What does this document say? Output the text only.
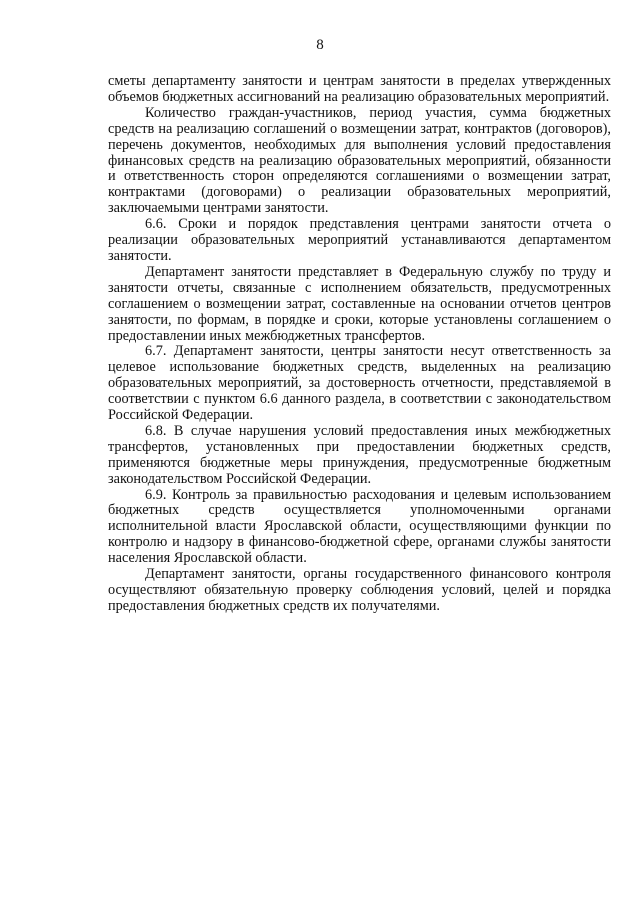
8

сметы департаменту занятости и центрам занятости в пределах утвержденных объемов бюджетных ассигнований на реализацию образовательных мероприятий.

Количество граждан-участников, период участия, сумма бюджетных средств на реализацию соглашений о возмещении затрат, контрактов (договоров), перечень документов, необходимых для выполнения условий предоставления финансовых средств на реализацию образовательных мероприятий, обязанности и ответственность сторон определяются соглашениями о возмещении затрат, контрактами (договорами) о реализации образовательных мероприятий, заключаемыми центрами занятости.

6.6. Сроки и порядок представления центрами занятости отчета о реализации образовательных мероприятий устанавливаются департаментом занятости.

Департамент занятости представляет в Федеральную службу по труду и занятости отчеты, связанные с исполнением обязательств, предусмотренных соглашением о возмещении затрат, составленные на основании отчетов центров занятости, по формам, в порядке и сроки, которые установлены соглашением о предоставлении иных межбюджетных трансфертов.

6.7. Департамент занятости, центры занятости несут ответственность за целевое использование бюджетных средств, выделенных на реализацию образовательных мероприятий, за достоверность отчетности, представляемой в соответствии с пунктом 6.6 данного раздела, в соответствии с законодательством Российской Федерации.

6.8. В случае нарушения условий предоставления иных межбюджетных трансфертов, установленных при предоставлении бюджетных средств, применяются бюджетные меры принуждения, предусмотренные бюджетным законодательством Российской Федерации.

6.9. Контроль за правильностью расходования и целевым использованием бюджетных средств осуществляется уполномоченными органами исполнительной власти Ярославской области, осуществляющими функции по контролю и надзору в финансово-бюджетной сфере, органами службы занятости населения Ярославской области.

Департамент занятости, органы государственного финансового контроля осуществляют обязательную проверку соблюдения условий, целей и порядка предоставления бюджетных средств их получателями.
